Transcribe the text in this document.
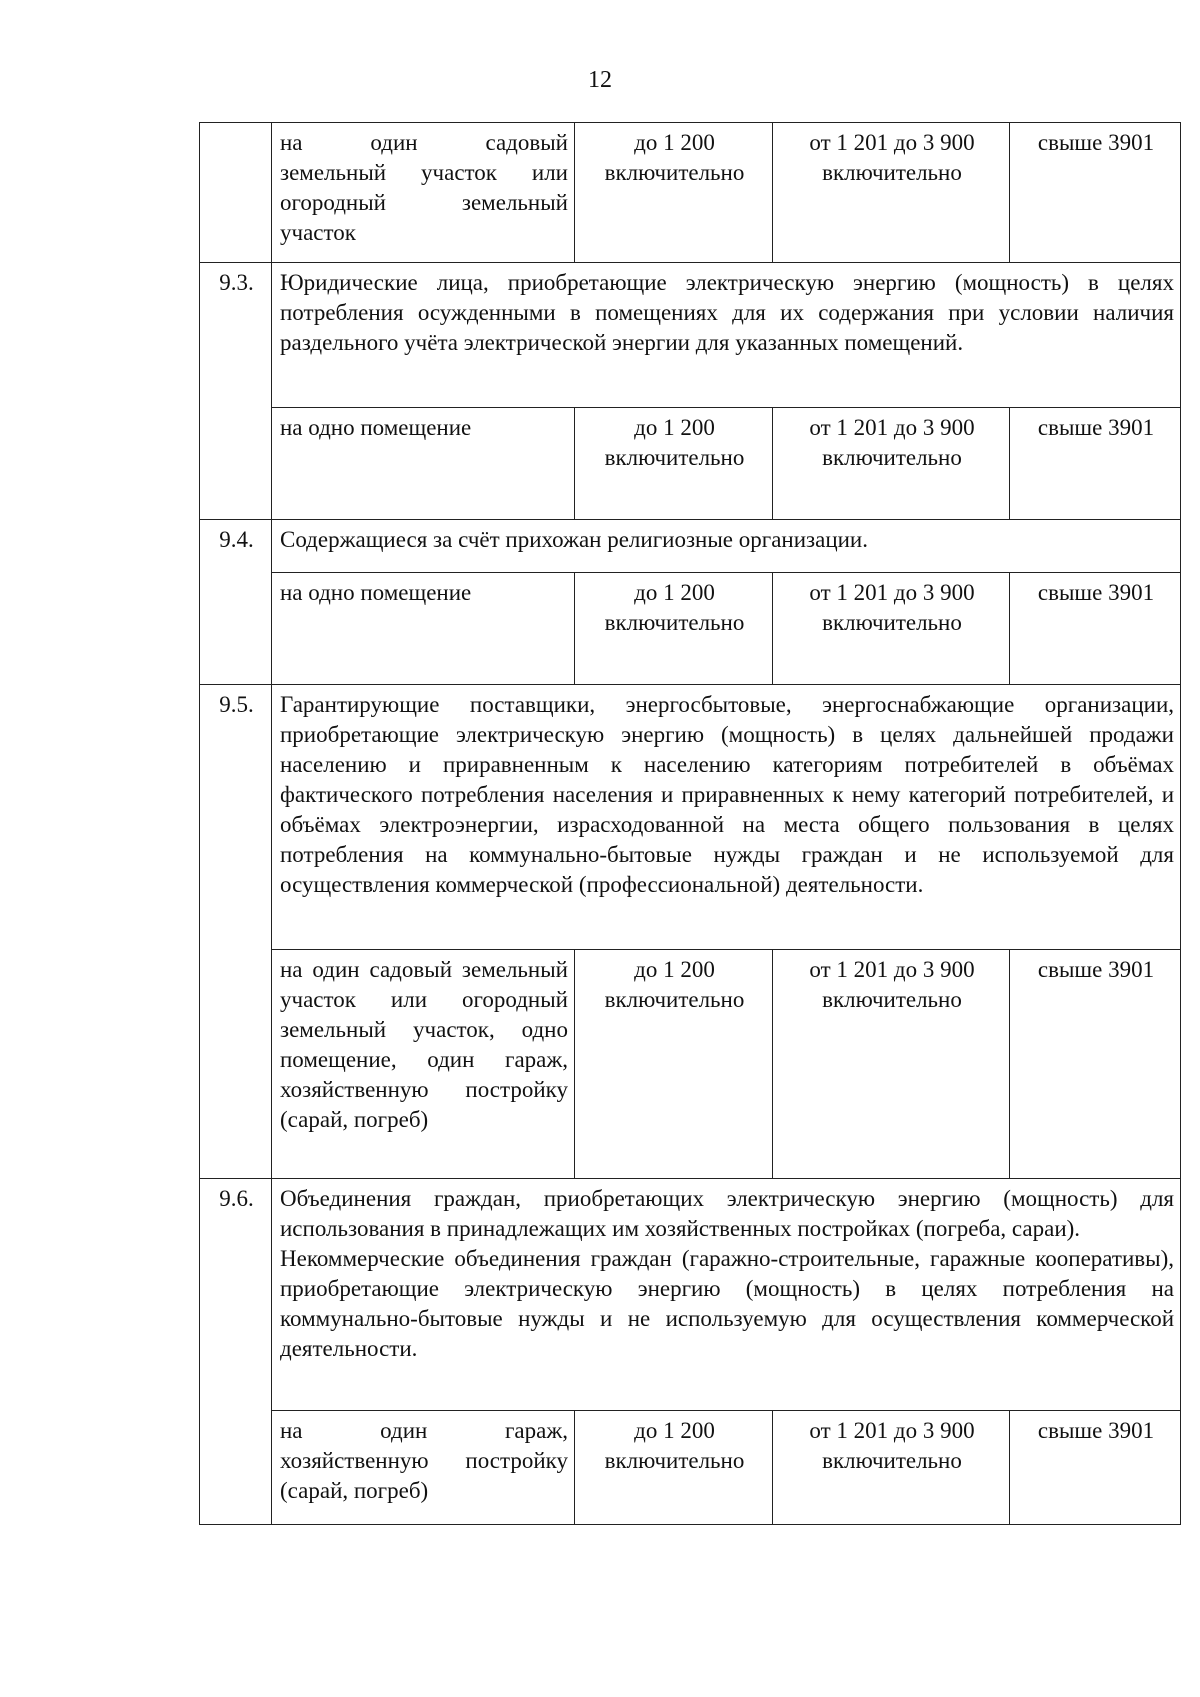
12

	на один садовый
земельный участок или
огородный земельный
участок	до 1 200 включительно	от 1 201 до 3 900 включительно	свыше 3901
9.3.	Юридические лица, приобретающие электрическую энергию (мощность) в целях потребления осужденными в помещениях для их содержания при условии наличия раздельного учёта электрической энергии для указанных помещений.			
	на одно помещение	до 1 200 включительно	от 1 201 до 3 900 включительно	свыше 3901
9.4.	Содержащиеся за счёт прихожан религиозные организации.			
	на одно помещение	до 1 200 включительно	от 1 201 до 3 900 включительно	свыше 3901
9.5.	Гарантирующие поставщики, энергосбытовые, энергоснабжающие организации, приобретающие электрическую энергию (мощность) в целях дальнейшей продажи населению и приравненным к населению категориям потребителей в объёмах фактического потребления населения и приравненных к нему категорий потребителей, и объёмах электроэнергии, израсходованной на места общего пользования в целях потребления на коммунально-бытовые нужды граждан и не используемой для осуществления коммерческой (профессиональной) деятельности.			
	на один садовый земельный участок или огородный земельный участок, одно помещение, один гараж, хозяйственную постройку (сарай, погреб)	до 1 200 включительно	от 1 201 до 3 900 включительно	свыше 3901
9.6.	Объединения граждан, приобретающих электрическую энергию (мощность) для использования в принадлежащих им хозяйственных постройках (погреба, сараи).
Некоммерческие объединения граждан (гаражно-строительные, гаражные кооперативы), приобретающие электрическую энергию (мощность) в целях потребления на коммунально-бытовые нужды и не используемую для осуществления коммерческой деятельности.			

	на один гараж, хозяйственную постройку (сарай, погреб)	до 1 200 включительно	от 1 201 до 3 900 включительно	свыше 3901
